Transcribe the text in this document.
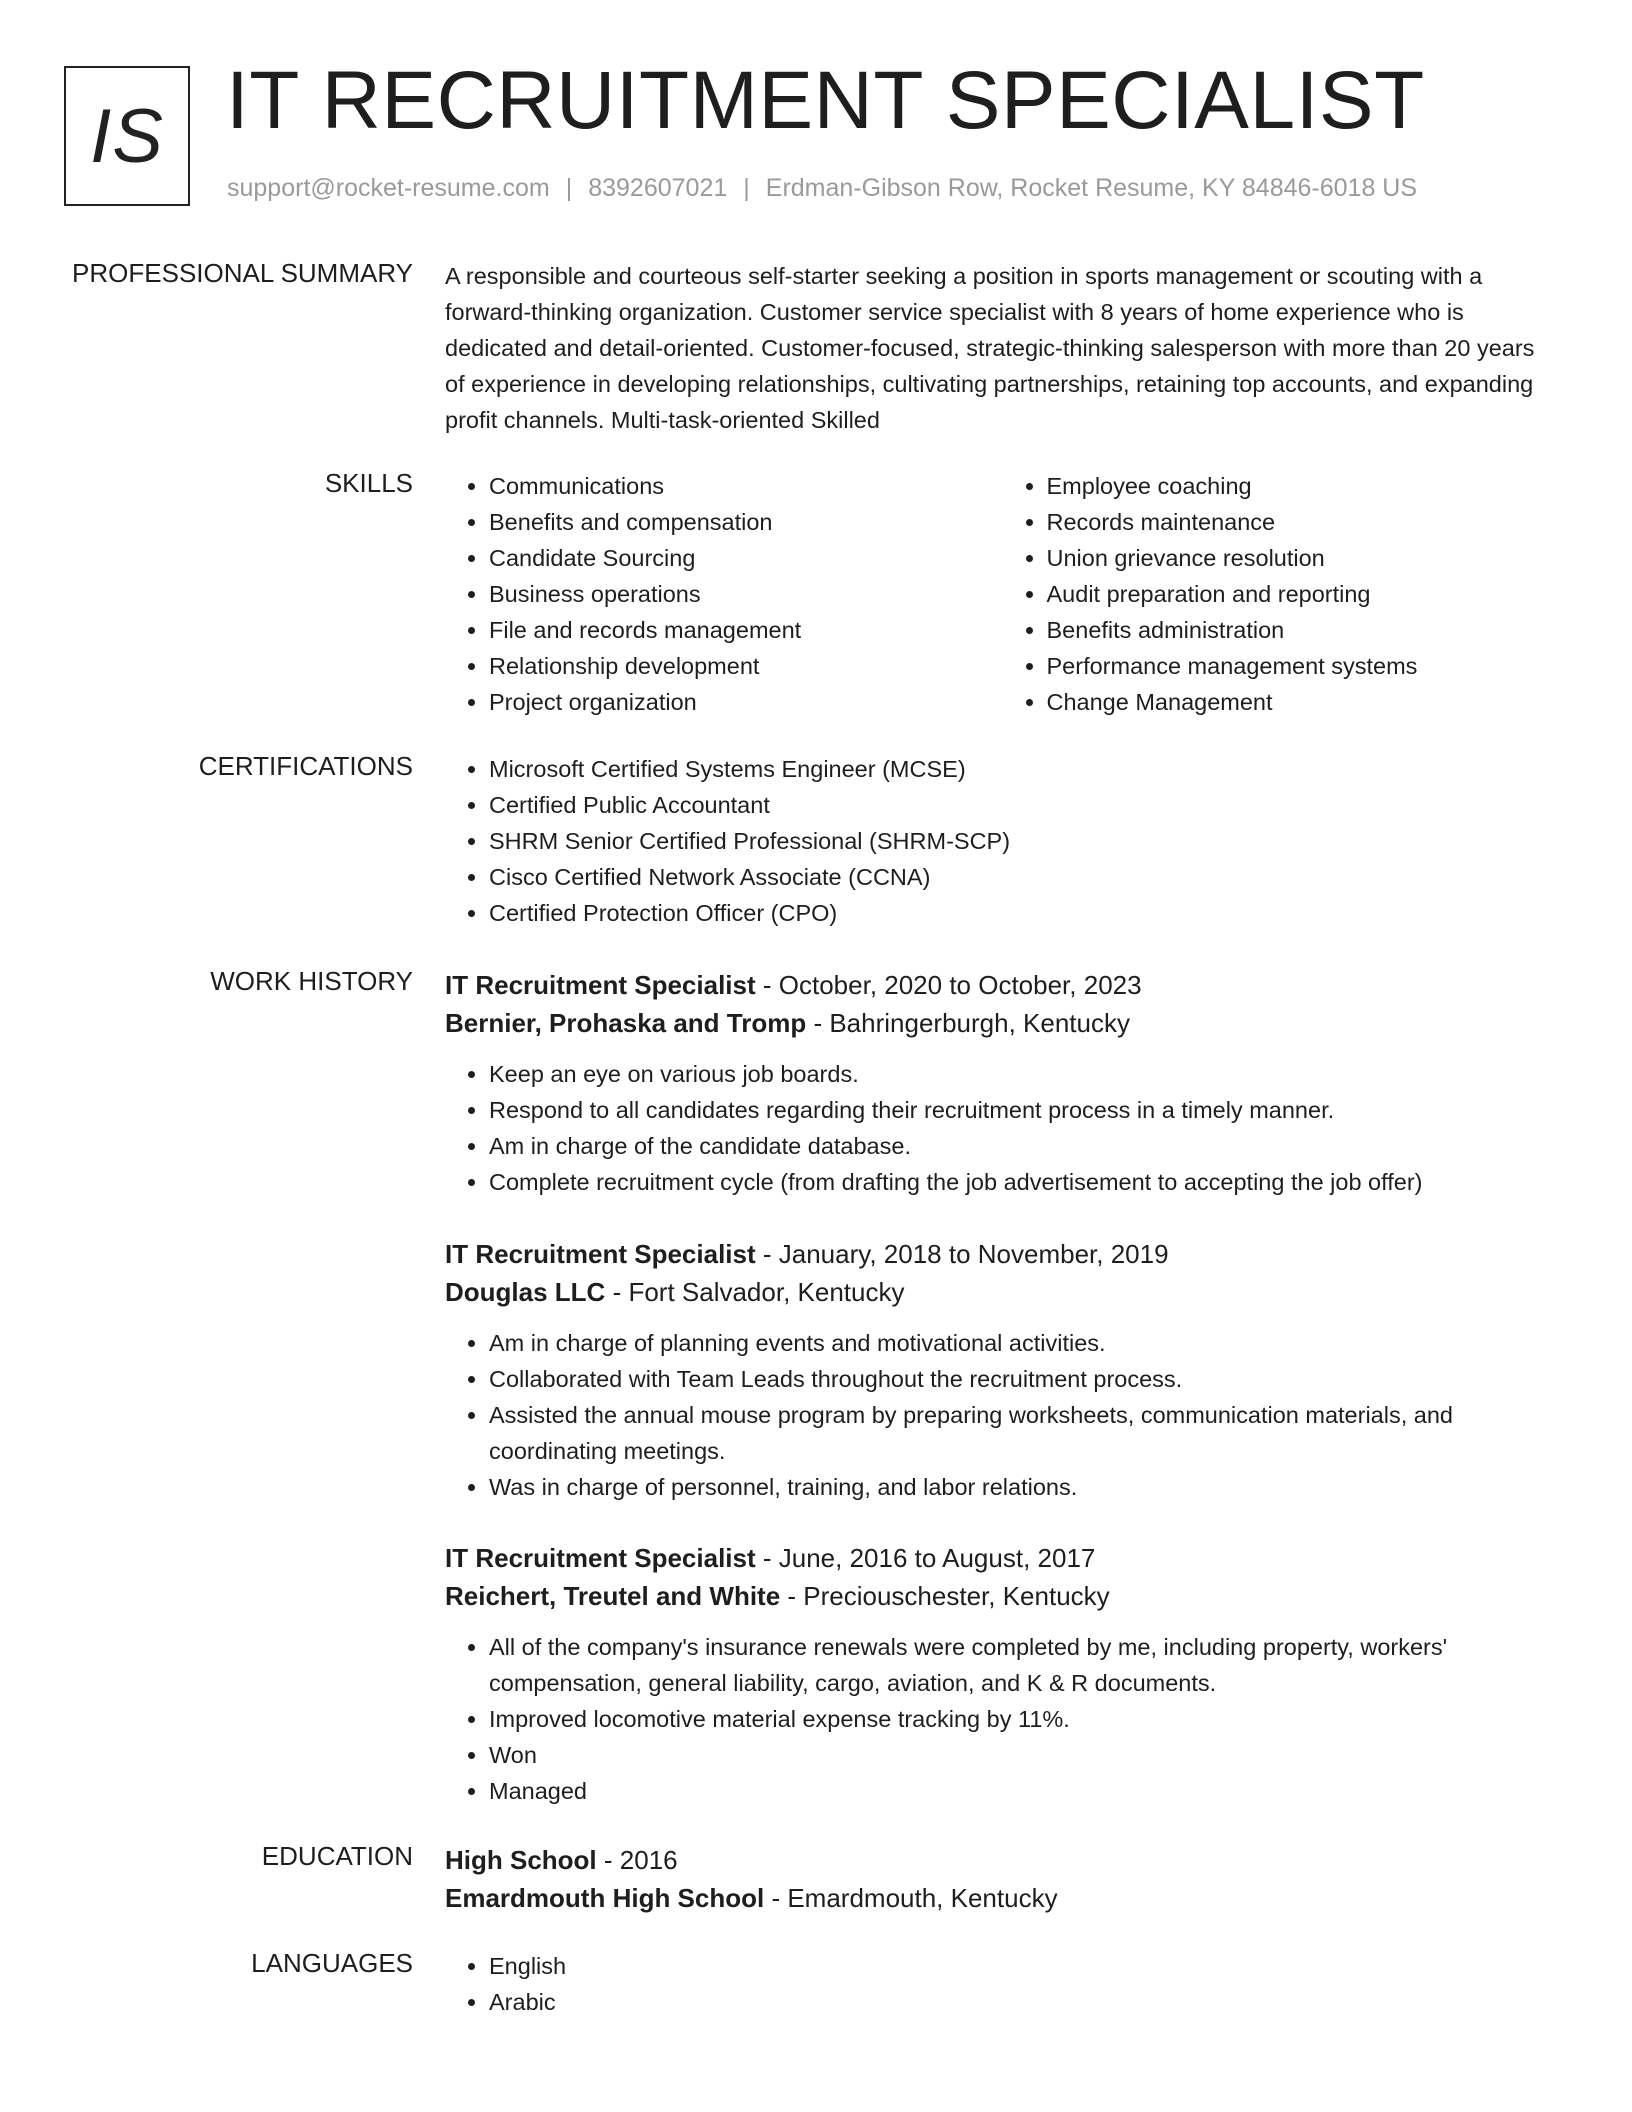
IS IT RECRUITMENT SPECIALIST
support@rocket-resume.com | 8392607021 | Erdman-Gibson Row, Rocket Resume, KY 84846-6018 US
PROFESSIONAL SUMMARY A responsible and courteous self-starter seeking a position in sports management or scouting with a forward-thinking organization. Customer service specialist with 8 years of home experience who is dedicated and detail-oriented. Customer-focused, strategic-thinking salesperson with more than 20 years of experience in developing relationships, cultivating partnerships, retaining top accounts, and expanding profit channels. Multi-task-oriented Skilled

SKILLS	• Communications
• Benefits and compensation
• Candidate Sourcing
• Business operations
• File and records management
• Relationship development
• Project organization
• Employee coaching
• Records maintenance
• Union grievance resolution
• Audit preparation and reporting
• Benefits administration
• Performance management systems
• Change Management
CERTIFICATIONS	• Microsoft Certified Systems Engineer (MCSE)
• Certified Public Accountant
• SHRM Senior Certified Professional (SHRM-SCP)
• Cisco Certified Network Associate (CCNA)
• Certified Protection Officer (CPO)
WORK HISTORY IT Recruitment Specialist - October, 2020 to October, 2023
Bernier, Prohaska and Tromp - Bahringerburgh, Kentucky
• Keep an eye on various job boards.
• Respond to all candidates regarding their recruitment process in a timely manner.
• Am in charge of the candidate database.
• Complete recruitment cycle (from drafting the job advertisement to accepting the job offer)
IT Recruitment Specialist - January, 2018 to November, 2019
Douglas LLC - Fort Salvador, Kentucky
• Am in charge of planning events and motivational activities.
• Collaborated with Team Leads throughout the recruitment process.
• Assisted the annual mouse program by preparing worksheets, communication materials, and coordinating meetings.
• Was in charge of personnel, training, and labor relations.
IT Recruitment Specialist - June, 2016 to August, 2017
Reichert, Treutel and White - Preciouschester, Kentucky
• All of the company's insurance renewals were completed by me, including property, workers' compensation, general liability, cargo, aviation, and K & R documents.
• Improved locomotive material expense tracking by 11%.
• Won
• Managed
EDUCATION High School - 2016
Emardmouth High School - Emardmouth, Kentucky
LANGUAGES	• English
• Arabic
